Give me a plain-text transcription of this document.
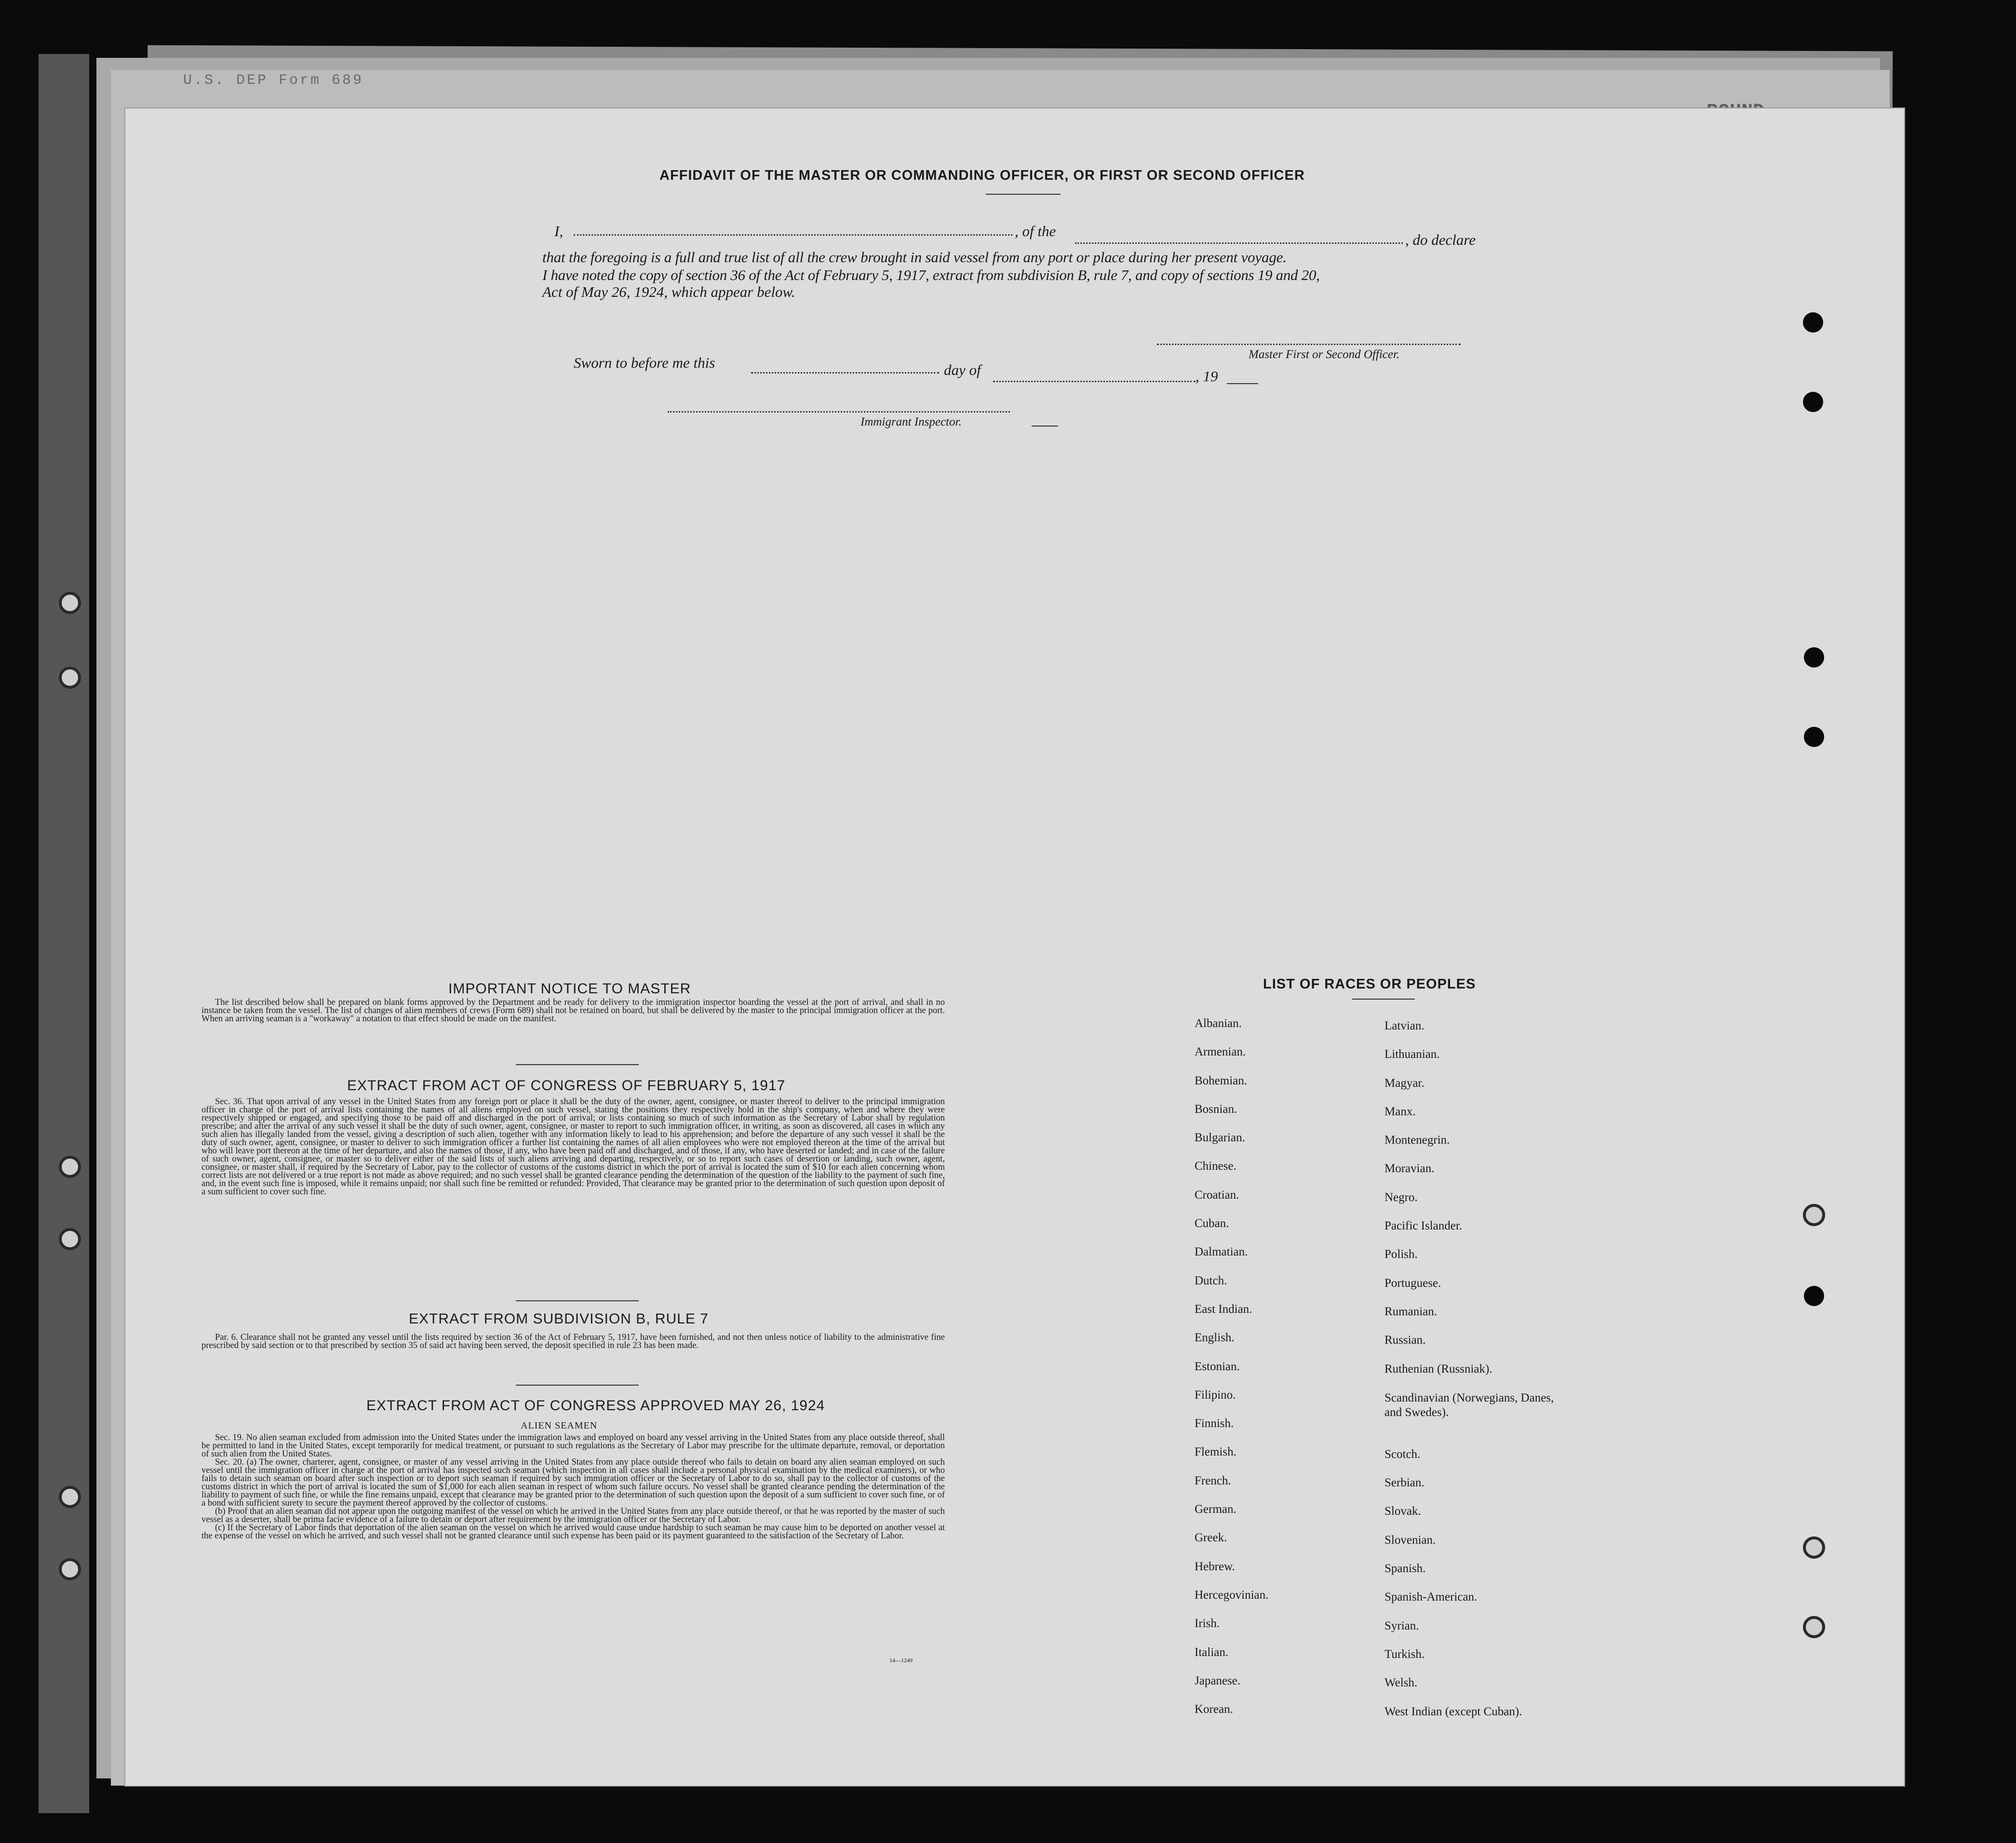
U.S. DEP Form 689
AFFIDAVIT OF THE MASTER OR COMMANDING OFFICER, OR FIRST OR SECOND OFFICER
I,	, of the
, do declare
that the foregoing is a full and true list of all the crew brought in said vessel from any port or place during her present voyage.
I have noted the copy of section 36 of the Act of February 5, 1917, extract from subdivision B, rule 7, and copy of sections 19 and 20,
Act of May 26, 1924, which appear below.
Master First or Second Officer.
Sworn to before me this	day of	, 19
Immigrant Inspector.
IMPORTANT NOTICE TO MASTER

The list described below shall be prepared on blank forms approved by the Department and be ready for delivery to the immigration inspector boarding the vessel at the port of arrival, and shall in no instance be taken from the vessel. The list of changes of alien members of crews (Form 689) shall not be retained on board, but shall be delivered by the master to the principal immigration officer at the port. When an arriving seaman is a "workaway" a notation to that effect should be made on the manifest.

EXTRACT FROM ACT OF CONGRESS OF FEBRUARY 5, 1917

Sec. 36. That upon arrival of any vessel in the United States from any foreign port or place it shall be the duty of the owner, agent, consignee, or master thereof to deliver to the principal immigration officer in charge of the port of arrival lists containing the names of all aliens employed on such vessel, stating the positions they respectively hold in the ship's company, when and where they were respectively shipped or engaged, and specifying those to be paid off and discharged in the port of arrival; or lists containing so much of such information as the Secretary of Labor shall by regulation prescribe; and after the arrival of any such vessel it shall be the duty of such owner, agent, consignee, or master to report to such immigration officer, in writing, as soon as discovered, all cases in which any such alien has illegally landed from the vessel, giving a description of such alien, together with any information likely to lead to his apprehension; and before the departure of any such vessel it shall be the duty of such owner, agent, consignee, or master to deliver to such immigration officer a further list containing the names of all alien employees who were not employed thereon at the time of the arrival but who will leave port thereon at the time of her departure, and also the names of those, if any, who have been paid off and discharged, and of those, if any, who have deserted or landed; and in case of the failure of such owner, agent, consignee, or master so to deliver either of the said lists of such aliens arriving and departing, respectively, or so to report such cases of desertion or landing, such owner, agent, consignee, or master shall, if required by the Secretary of Labor, pay to the collector of customs of the customs district in which the port of arrival is located the sum of $10 for each alien concerning whom correct lists are not delivered or a true report is not made as above required; and no such vessel shall be granted clearance pending the determination of the question of the liability to the payment of such fine, and, in the event such fine is imposed, while it remains unpaid; nor shall such fine be remitted or refunded: Provided, That clearance may be granted prior to the determination of such question upon deposit of a sum sufficient to cover such fine.

EXTRACT FROM SUBDIVISION B, RULE 7

Par. 6. Clearance shall not be granted any vessel until the lists required by section 36 of the Act of February 5, 1917, have been furnished, and not then unless notice of liability to the administrative fine prescribed by said section or to that prescribed by section 35 of said act having been served, the deposit specified in rule 23 has been made.

EXTRACT FROM ACT OF CONGRESS APPROVED MAY 26, 1924
ALIEN SEAMEN

Sec. 19. No alien seaman excluded from admission into the United States under the immigration laws and employed on board any vessel arriving in the United States from any place outside thereof, shall be permitted to land in the United States, except temporarily for medical treatment, or pursuant to such regulations as the Secretary of Labor may prescribe for the ultimate departure, removal, or deportation of such alien from the United States.

Sec. 20. (a) The owner, charterer, agent, consignee, or master of any vessel arriving in the United States from any place outside thereof who fails to detain on board any alien seaman employed on such vessel until the immigration officer in charge at the port of arrival has inspected such seaman (which inspection in all cases shall include a personal physical examination by the medical examiners), or who fails to detain such seaman on board after such inspection or to deport such seaman if required by such immigration officer or the Secretary of Labor to do so, shall pay to the collector of customs of the customs district in which the port of arrival is located the sum of $1,000 for each alien seaman in respect of whom such failure occurs. No vessel shall be granted clearance pending the determination of the liability to payment of such fine, or while the fine remains unpaid, except that clearance may be granted prior to the determination of such question upon the deposit of a sum sufficient to cover such fine, or of a bond with sufficient surety to secure the payment thereof approved by the collector of customs.

(b) Proof that an alien seaman did not appear upon the outgoing manifest of the vessel on which he arrived in the United States from any place outside thereof, or that he was reported by the master of such vessel as a deserter, shall be prima facie evidence of a failure to detain or deport after requirement by the immigration officer or the Secretary of Labor.

(c) If the Secretary of Labor finds that deportation of the alien seaman on the vessel on which he arrived would cause undue hardship to such seaman he may cause him to be deported on another vessel at the expense of the vessel on which he arrived, and such vessel shall not be granted clearance until such expense has been paid or its payment guaranteed to the satisfaction of the Secretary of Labor.

14—1249
LIST OF RACES OR PEOPLES
Albanian.
Armenian.
Bohemian.
Bosnian.
Bulgarian.
Chinese.
Croatian.
Cuban.
Dalmatian.
Dutch.
East Indian.
English.
Estonian.
Filipino.
Finnish.
Flemish.
French.
German.
Greek.
Hebrew.
Hercegovinian.
Irish.
Italian.
Japanese.
Korean.
Latvian.
Lithuanian.
Magyar.
Manx.
Montenegrin.
Moravian.
Negro.
Pacific Islander.
Polish.
Portuguese.
Rumanian.
Russian.
Ruthenian (Russniak).
Scandinavian (Norwegians, Danes, and Swedes).
Scotch.
Serbian.
Slovak.
Slovenian.
Spanish.
Spanish-American.
Syrian.
Turkish.
Welsh.
West Indian (except Cuban).
